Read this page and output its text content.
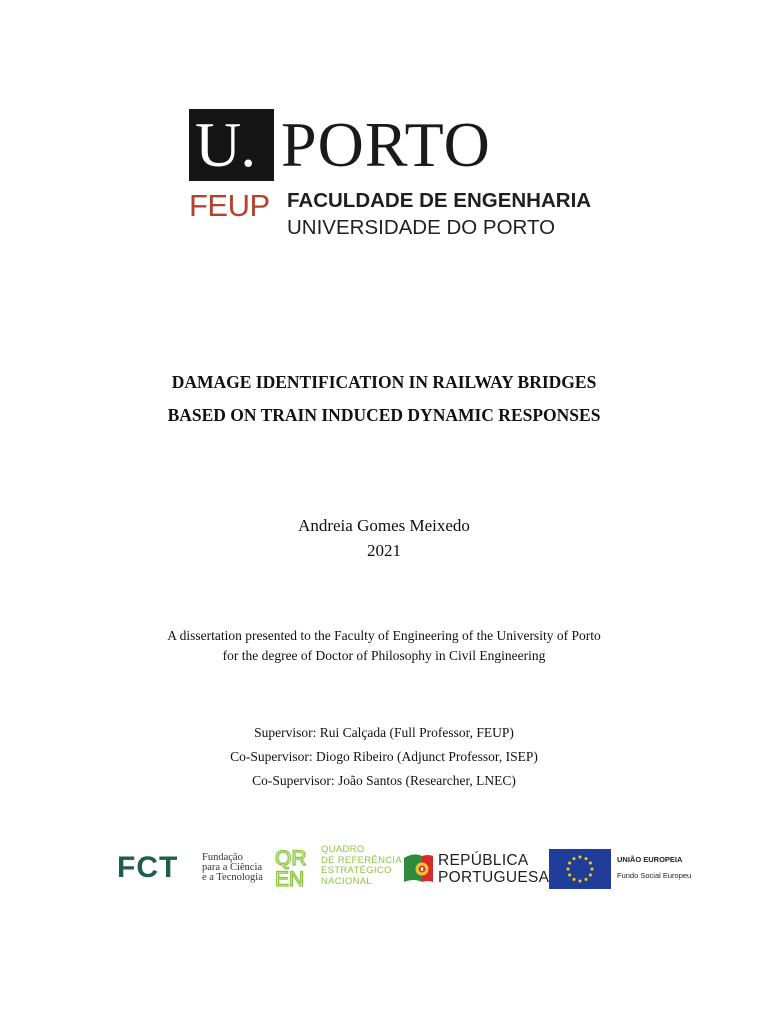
U. PORTO
FEUP FACULDADE DE ENGENHARIA
UNIVERSIDADE DO PORTO
DAMAGE IDENTIFICATION IN RAILWAY BRIDGES
BASED ON TRAIN INDUCED DYNAMIC RESPONSES
Andreia Gomes Meixedo
2021
A dissertation presented to the Faculty of Engineering of the University of Porto
for the degree of Doctor of Philosophy in Civil Engineering
Supervisor: Rui Calçada (Full Professor, FEUP)
Co-Supervisor: Diogo Ribeiro (Adjunct Professor, ISEP)
Co-Supervisor: João Santos (Researcher, LNEC)
FCT Fundação
para a Ciência
e a Tecnologia
QR
EN
QUADRO
DE REFERÊNCIA
ESTRATÉGICO
NACIONAL
REPÚBLICA
PORTUGUESA
UNIÃO EUROPEIA
Fundo Social Europeu
